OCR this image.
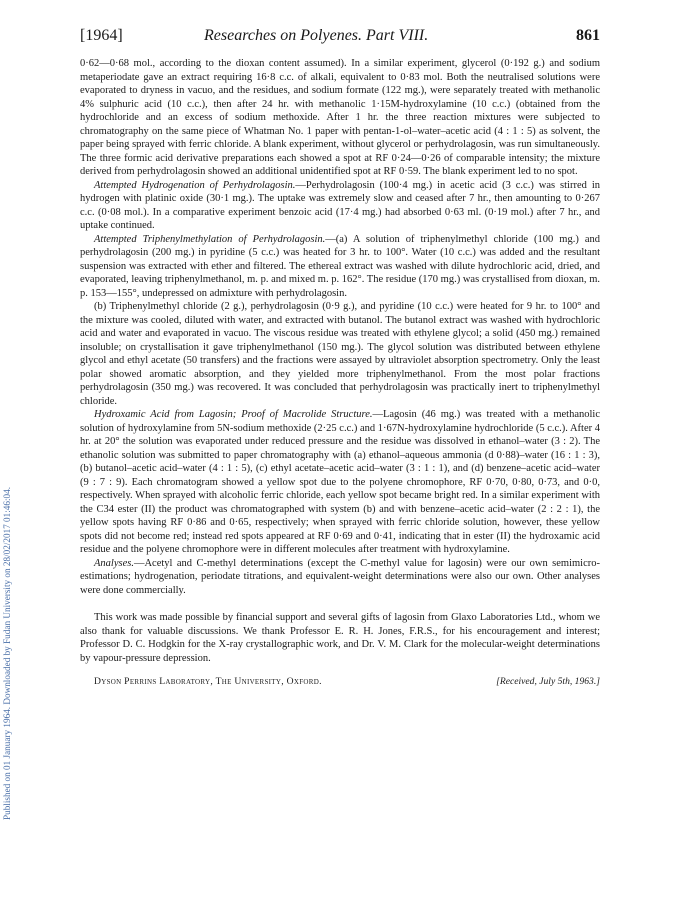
Published on 01 January 1964. Downloaded by Fudan University on 28/02/2017 01:46:04.
[1964]	Researches on Polyenes. Part VIII.	861

0·62—0·68 mol., according to the dioxan content assumed). In a similar experiment, glycerol (0·192 g.) and sodium metaperiodate gave an extract requiring 16·8 c.c. of alkali, equivalent to 0·83 mol. Both the neutralised solutions were evaporated to dryness in vacuo, and the residues, and sodium formate (122 mg.), were separately treated with methanolic 4% sulphuric acid (10 c.c.), then after 24 hr. with methanolic 1·15M-hydroxylamine (10 c.c.) (obtained from the hydrochloride and an excess of sodium methoxide. After 1 hr. the three reaction mixtures were subjected to chromatography on the same piece of Whatman No. 1 paper with pentan-1-ol–water–acetic acid (4 : 1 : 5) as solvent, the paper being sprayed with ferric chloride. A blank experiment, without glycerol or perhydrolagosin, was run simultaneously. The three formic acid derivative preparations each showed a spot at RF 0·24—0·26 of comparable intensity; the mixture derived from perhydrolagosin showed an additional unidentified spot at RF 0·59. The blank experiment led to no spot.

Attempted Hydrogenation of Perhydrolagosin.—Perhydrolagosin (100·4 mg.) in acetic acid (3 c.c.) was stirred in hydrogen with platinic oxide (30·1 mg.). The uptake was extremely slow and ceased after 7 hr., then amounting to 0·267 c.c. (0·08 mol.). In a comparative experiment benzoic acid (17·4 mg.) had absorbed 0·63 ml. (0·19 mol.) after 7 hr., and uptake continued.

Attempted Triphenylmethylation of Perhydrolagosin.—(a) A solution of triphenylmethyl chloride (100 mg.) and perhydrolagosin (200 mg.) in pyridine (5 c.c.) was heated for 3 hr. to 100°. Water (10 c.c.) was added and the resultant suspension was extracted with ether and filtered. The ethereal extract was washed with dilute hydrochloric acid, dried, and evaporated, leaving triphenylmethanol, m. p. and mixed m. p. 162°. The residue (170 mg.) was crystallised from dioxan, m. p. 153—155°, undepressed on admixture with perhydrolagosin.

(b) Triphenylmethyl chloride (2 g.), perhydrolagosin (0·9 g.), and pyridine (10 c.c.) were heated for 9 hr. to 100° and the mixture was cooled, diluted with water, and extracted with butanol. The butanol extract was washed with hydrochloric acid and water and evaporated in vacuo. The viscous residue was treated with ethylene glycol; a solid (450 mg.) remained insoluble; on crystallisation it gave triphenylmethanol (150 mg.). The glycol solution was distributed between ethylene glycol and ethyl acetate (50 transfers) and the fractions were assayed by ultraviolet absorption spectrometry. Only the least polar showed aromatic absorption, and they yielded more triphenylmethanol. From the most polar fractions perhydrolagosin (350 mg.) was recovered. It was concluded that perhydrolagosin was practically inert to triphenylmethyl chloride.

Hydroxamic Acid from Lagosin; Proof of Macrolide Structure.—Lagosin (46 mg.) was treated with a methanolic solution of hydroxylamine from 5N-sodium methoxide (2·25 c.c.) and 1·67N-hydroxylamine hydrochloride (5 c.c.). After 4 hr. at 20° the solution was evaporated under reduced pressure and the residue was dissolved in ethanol–water (3 : 2). The ethanolic solution was submitted to paper chromatography with (a) ethanol–aqueous ammonia (d 0·88)–water (16 : 1 : 3), (b) butanol–acetic acid–water (4 : 1 : 5), (c) ethyl acetate–acetic acid–water (3 : 1 : 1), and (d) benzene–acetic acid–water (9 : 7 : 9). Each chromatogram showed a yellow spot due to the polyene chromophore, RF 0·70, 0·80, 0·73, and 0·0, respectively. When sprayed with alcoholic ferric chloride, each yellow spot became bright red. In a similar experiment with the C34 ester (II) the product was chromatographed with system (b) and with benzene–acetic acid–water (2 : 2 : 1), the yellow spots having RF 0·86 and 0·65, respectively; when sprayed with ferric chloride solution, however, these yellow spots did not become red; instead red spots appeared at RF 0·69 and 0·41, indicating that in ester (II) the hydroxamic acid residue and the polyene chromophore were in different molecules after treatment with hydroxylamine.

Analyses.—Acetyl and C-methyl determinations (except the C-methyl value for lagosin) were our own semimicro-estimations; hydrogenation, periodate titrations, and equivalent-weight determinations were also our own. Other analyses were done commercially.

This work was made possible by financial support and several gifts of lagosin from Glaxo Laboratories Ltd., whom we also thank for valuable discussions. We thank Professor E. R. H. Jones, F.R.S., for his encouragement and interest; Professor D. C. Hodgkin for the X-ray crystallographic work, and Dr. V. M. Clark for the molecular-weight determinations by vapour-pressure depression.

Dyson Perrins Laboratory, The University, Oxford.	[Received, July 5th, 1963.]
